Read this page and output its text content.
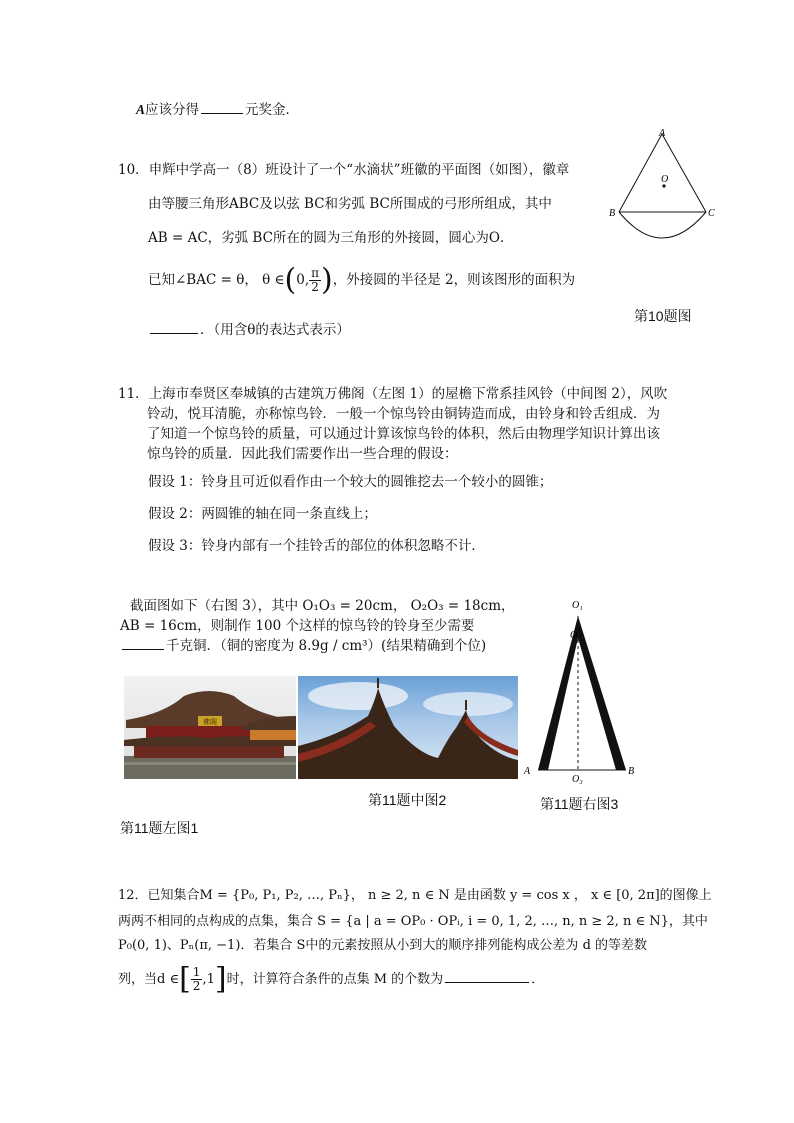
A应该分得	元奖金．
10．申辉中学高一（8）班设计了一个“水滴状”班徽的平面图（如图），徽章
由等腰三角形ABC及以弦 BC和劣弧 BC所围成的弓形所组成，其中
AB = AC，劣弧 BC所在的圆为三角形的外接圆，圆心为O．
已知∠BAC = θ， θ ∈(0, $\frac{\pi}{2}$ )，外接圆的半径是 2，则该图形的面积为
．（用含θ的表达式表示）
A
O
B	C
第10题图
11．上海市奉贤区奉城镇的古建筑万佛阁（左图 1）的屋檐下常系挂风铃（中间图 2），风吹
铃动，悦耳清脆，亦称惊鸟铃．一般一个惊鸟铃由铜铸造而成，由铃身和铃舌组成．为
了知道一个惊鸟铃的质量，可以通过计算该惊鸟铃的体积，然后由物理学知识计算出该
惊鸟铃的质量．因此我们需要作出一些合理的假设：
假设 1：铃身且可近似看作由一个较大的圆锥挖去一个较小的圆锥；
假设 2：两圆锥的轴在同一条直线上；
假设 3：铃身内部有一个挂铃舌的部位的体积忽略不计．
截面图如下（右图 3），其中 O₁O₃ = 20cm， O₂O₃ = 18cm，
AB = 16cm，则制作 100 个这样的惊鸟铃的铃身至少需要
千克铜．（铜的密度为 8.9g / cm³）(结果精确到个位)
佛阁
O₁
O₂
O₃
A	B
第11题中图2	第11题右图3
第11题左图1
12．已知集合M = {P₀, P₁, P₂, …, Pₙ}， n ≥ 2, n ∈ N 是由函数 y = cos x ， x ∈ [0, 2π]的图像上
两两不相同的点构成的点集，集合 S = {a | a = OP₀ · OPᵢ, i = 0, 1, 2, …, n, n ≥ 2, n ∈ N}，其中
P₀(0, 1)、Pₙ(π, −1)．若集合 S中的元素按照从小到大的顺序排列能构成公差为 d 的等差数
列，当d ∈[ $\frac{1}{2} ,1$]时，计算符合条件的点集 M 的个数为	．
